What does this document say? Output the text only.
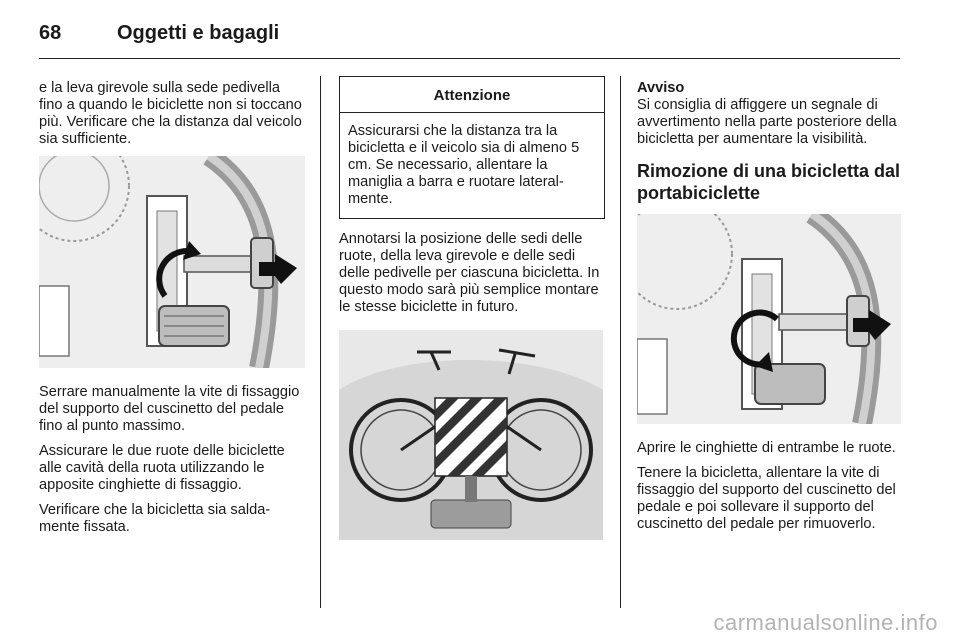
68	Oggetti e bagagli

e la leva girevole sulla sede pedivella fino a quando le biciclette non si toccano più. Verificare che la distanza dal veicolo sia sufficiente.

Serrare manualmente la vite di fissaggio del supporto del cuscinetto del pedale fino al punto massimo.

Assicurare le due ruote delle biciclette alle cavità della ruota utilizzando le apposite cinghiette di fissaggio.

Verificare che la bicicletta sia saldamente fissata.

Attenzione
Assicurarsi che la distanza tra la bicicletta e il veicolo sia di almeno 5 cm. Se necessario, allentare la maniglia a barra e ruotare lateralmente.

Annotarsi la posizione delle sedi delle ruote, della leva girevole e delle sedi delle pedivelle per ciascuna bicicletta. In questo modo sarà più semplice montare le stesse biciclette in futuro.

Avviso

Si consiglia di affiggere un segnale di avvertimento nella parte posteriore della bicicletta per aumentare la visibilità.

Rimozione di una bicicletta dal portabiciclette

Aprire le cinghiette di entrambe le ruote.

Tenere la bicicletta, allentare la vite di fissaggio del supporto del cuscinetto del pedale e poi sollevare il supporto del cuscinetto del pedale per rimuoverlo.

carmanualsonline.info
